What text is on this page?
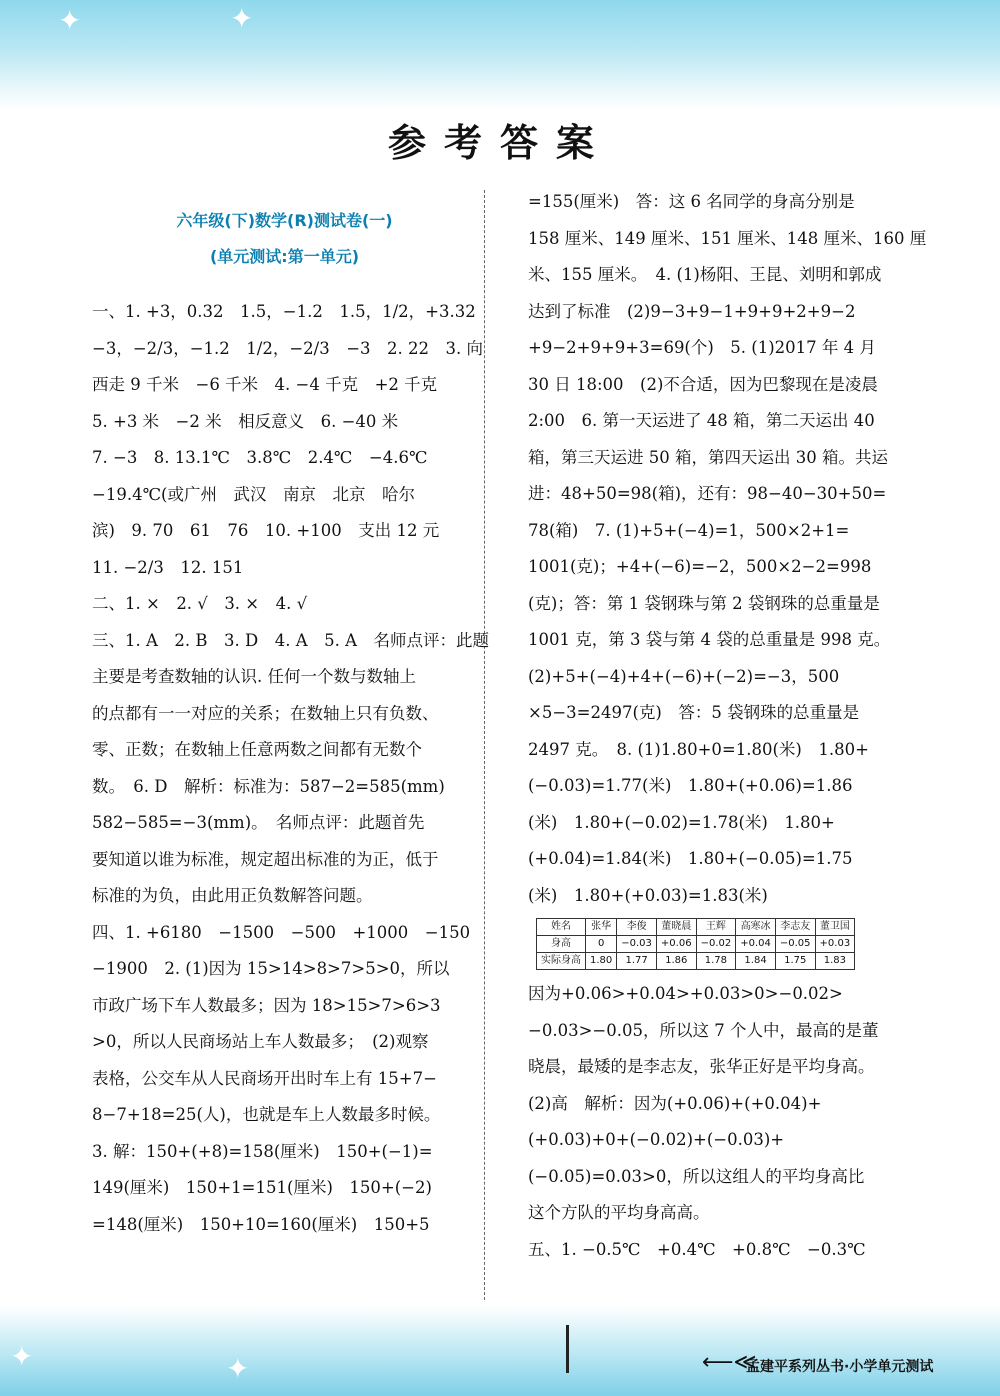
✦	✦
✦	✦
参考答案
六年级(下)数学(R)测试卷(一)
(单元测试:第一单元)
一、1. +3，0.32　1.5，−1.2　1.5，1/2，+3.32
−3，−2/3，−1.2　1/2，−2/3　−3　2. 22　3. 向
西走 9 千米　−6 千米　4. −4 千克　+2 千克
5. +3 米　−2 米　相反意义　6. −40 米
7. −3　8. 13.1℃　3.8℃　2.4℃　−4.6℃
−19.4℃(或广州　武汉　南京　北京　哈尔
滨)　9. 70　61　76　10. +100　支出 12 元
11. −2/3　12. 151
二、1. ×　2. √　3. ×　4. √
三、1. A　2. B　3. D　4. A　5. A　名师点评：此题
主要是考查数轴的认识. 任何一个数与数轴上
的点都有一一对应的关系；在数轴上只有负数、
零、正数；在数轴上任意两数之间都有无数个
数。　6. D　解析：标准为：587−2=585(mm)
582−585=−3(mm)。　名师点评：此题首先
要知道以谁为标准，规定超出标准的为正，低于
标准的为负，由此用正负数解答问题。
四、1. +6180　−1500　−500　+1000　−150
−1900　2. (1)因为 15>14>8>7>5>0，所以
市政广场下车人数最多；因为 18>15>7>6>3
>0，所以人民商场站上车人数最多；　(2)观察
表格，公交车从人民商场开出时车上有 15+7−
8−7+18=25(人)，也就是车上人数最多时候。
3. 解：150+(+8)=158(厘米)　150+(−1)=
149(厘米)　150+1=151(厘米)　150+(−2)
=148(厘米)　150+10=160(厘米)　150+5
=155(厘米)　答：这 6 名同学的身高分别是
158 厘米、149 厘米、151 厘米、148 厘米、160 厘
米、155 厘米。　4. (1)杨阳、王昆、刘明和郭成
达到了标准　(2)9−3+9−1+9+9+2+9−2
+9−2+9+9+3=69(个)　5. (1)2017 年 4 月
30 日 18:00　(2)不合适，因为巴黎现在是凌晨
2:00　6. 第一天运进了 48 箱，第二天运出 40
箱，第三天运进 50 箱，第四天运出 30 箱。共运
进：48+50=98(箱)，还有：98−40−30+50=
78(箱)　7. (1)+5+(−4)=1，500×2+1=
1001(克)；+4+(−6)=−2，500×2−2=998
(克)；答：第 1 袋钢珠与第 2 袋钢珠的总重量是
1001 克，第 3 袋与第 4 袋的总重量是 998 克。
(2)+5+(−4)+4+(−6)+(−2)=−3，500
×5−3=2497(克)　答：5 袋钢珠的总重量是
2497 克。　8. (1)1.80+0=1.80(米)　1.80+
(−0.03)=1.77(米)　1.80+(+0.06)=1.86
(米)　1.80+(−0.02)=1.78(米)　1.80+
(+0.04)=1.84(米)　1.80+(−0.05)=1.75
(米)　1.80+(+0.03)=1.83(米)
姓名	张华	李俊	董晓晨	王辉	高寒冰	李志友	董卫国
身高	0	−0.03	+0.06	−0.02	+0.04	−0.05	+0.03
实际身高	1.80	1.77	1.86	1.78	1.84	1.75	1.83
因为+0.06>+0.04>+0.03>0>−0.02>
−0.03>−0.05，所以这 7 个人中，最高的是董
晓晨，最矮的是李志友，张华正好是平均身高。
(2)高　解析：因为(+0.06)+(+0.04)+
(+0.03)+0+(−0.02)+(−0.03)+
(−0.05)=0.03>0，所以这组人的平均身高比
这个方队的平均身高高。
五、1. −0.5℃　+0.4℃　+0.8℃　−0.3℃
⟵≪
孟建平系列丛书·小学单元测试
